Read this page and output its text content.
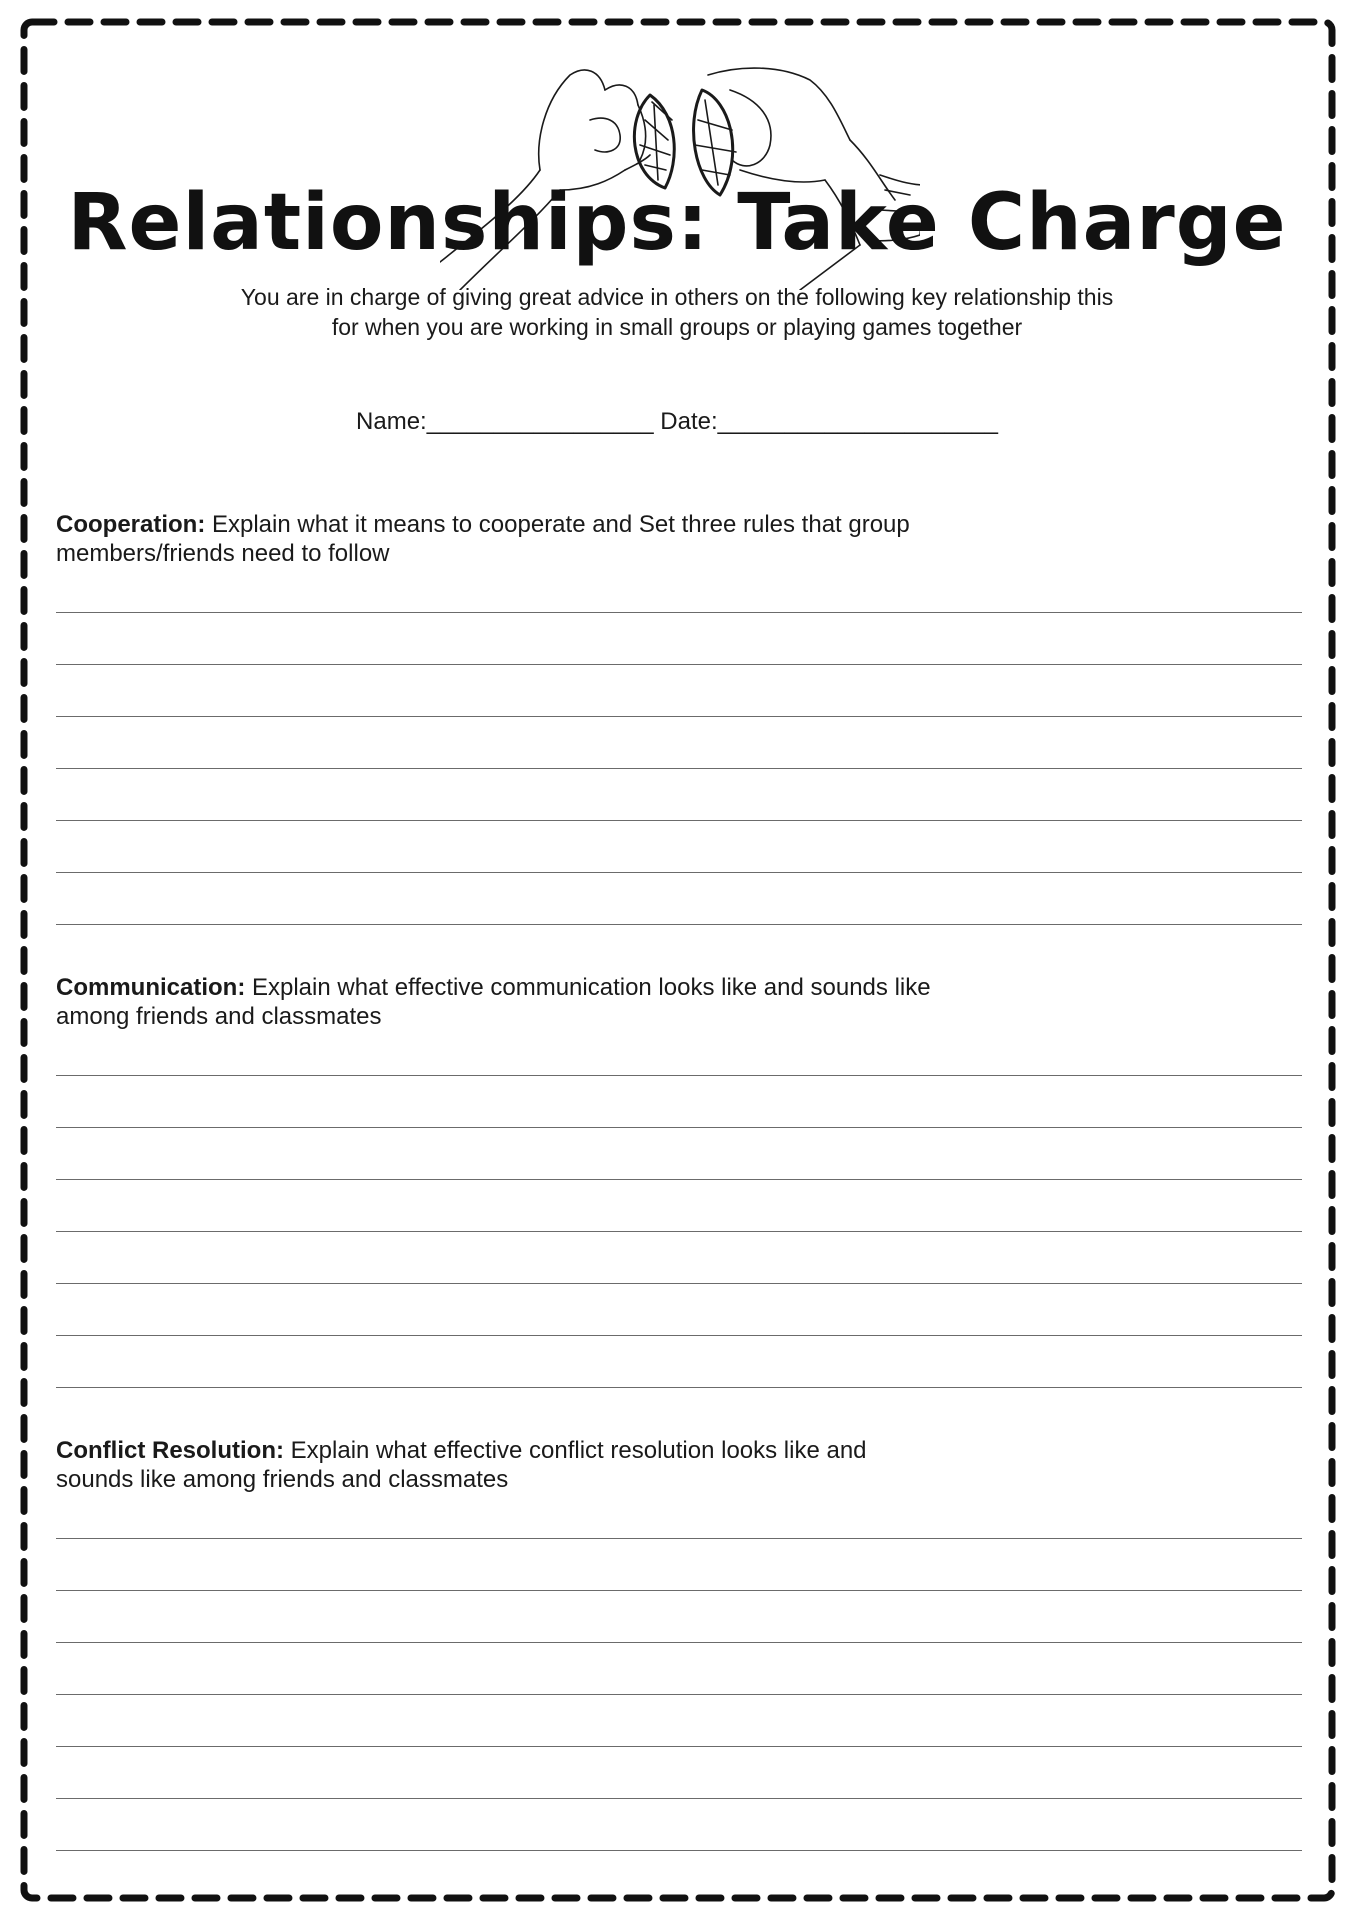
Relationships: Take Charge
You are in charge of giving great advice in others on the following key relationship this
for when you are working in small groups or playing games together
Name:_________________ Date:_____________________
Cooperation: Explain what it means to cooperate and Set three rules that group
members/friends need to follow
Communication: Explain what effective communication looks like and sounds like
among friends and classmates
Conflict Resolution: Explain what effective conflict resolution looks like and
sounds like among friends and classmates
